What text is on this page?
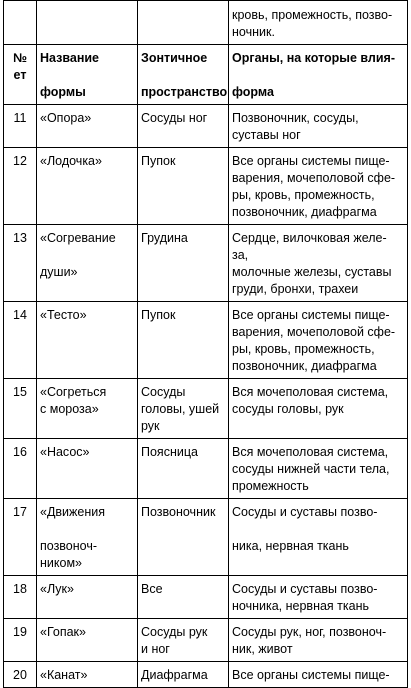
			кровь, промежность, позво-
ночник.
№
ет	Название

формы	Зонтичное

пространство	Органы, на которые влия-

форма
11	«Опора»	Сосуды ног	Позвоночник, сосуды,
суставы ног
12	«Лодочка»	Пупок	Все органы системы пище-
варения, мочеполовой сфе-
ры, кровь, промежность,
позвоночник, диафрагма
13	«Согревание

души»	Грудина	Сердце, вилочковая желе-
за,
молочные железы, суставы
груди, бронхи, трахеи
14	«Тесто»	Пупок	Все органы системы пище-
варения, мочеполовой сфе-
ры, кровь, промежность,
позвоночник, диафрагма
15	«Согреться
с мороза»	Сосуды
головы, ушей
рук	Вся мочеполовая система,
сосуды головы, рук
16	«Насос»	Поясница	Вся мочеполовая система,
сосуды нижней части тела,
промежность
17	«Движения

позвоноч-
ником»	Позвоночник	Сосуды и суставы позво-

ника, нервная ткань
18	«Лук»	Все	Сосуды и суставы позво-
ночника, нервная ткань
19	«Гопак»	Сосуды рук
и ног	Сосуды рук, ног, позвоноч-
ник, живот
20	«Канат»	Диафрагма	Все органы системы пище-
